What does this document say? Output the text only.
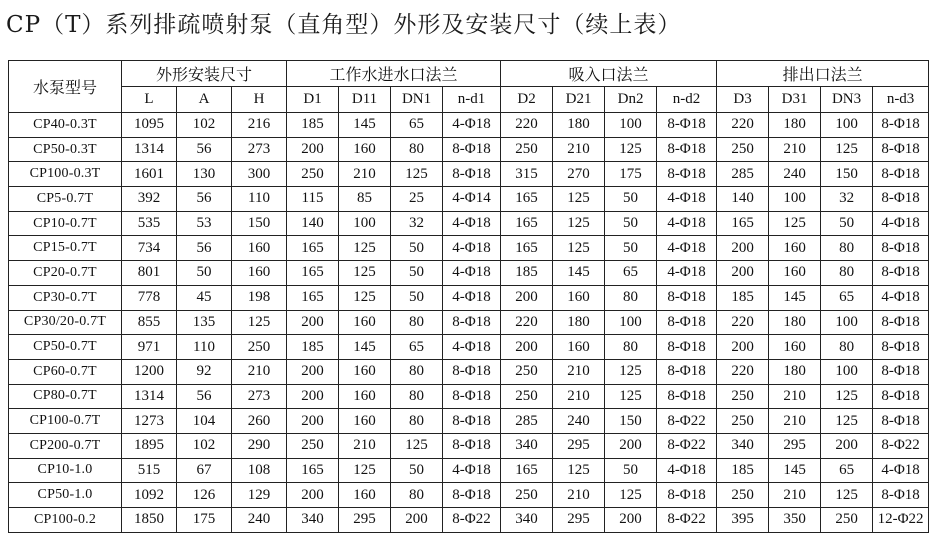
CP（T）系列排疏喷射泵（直角型）外形及安装尺寸（续上表）
水泵型号	外形安装尺寸			工作水进水口法兰				吸入口法兰				排出口法兰			
	L	A	H	D1	D11	DN1	n-d1	D2	D21	Dn2	n-d2	D3	D31	DN3	n-d3
CP40-0.3T	1095	102	216	185	145	65	4-Φ18	220	180	100	8-Φ18	220	180	100	8-Φ18
CP50-0.3T	1314	56	273	200	160	80	8-Φ18	250	210	125	8-Φ18	250	210	125	8-Φ18
CP100-0.3T	1601	130	300	250	210	125	8-Φ18	315	270	175	8-Φ18	285	240	150	8-Φ18
CP5-0.7T	392	56	110	115	85	25	4-Φ14	165	125	50	4-Φ18	140	100	32	8-Φ18
CP10-0.7T	535	53	150	140	100	32	4-Φ18	165	125	50	4-Φ18	165	125	50	4-Φ18
CP15-0.7T	734	56	160	165	125	50	4-Φ18	165	125	50	4-Φ18	200	160	80	8-Φ18
CP20-0.7T	801	50	160	165	125	50	4-Φ18	185	145	65	4-Φ18	200	160	80	8-Φ18
CP30-0.7T	778	45	198	165	125	50	4-Φ18	200	160	80	8-Φ18	185	145	65	4-Φ18
CP30/20-0.7T	855	135	125	200	160	80	8-Φ18	220	180	100	8-Φ18	220	180	100	8-Φ18
CP50-0.7T	971	110	250	185	145	65	4-Φ18	200	160	80	8-Φ18	200	160	80	8-Φ18
CP60-0.7T	1200	92	210	200	160	80	8-Φ18	250	210	125	8-Φ18	220	180	100	8-Φ18
CP80-0.7T	1314	56	273	200	160	80	8-Φ18	250	210	125	8-Φ18	250	210	125	8-Φ18
CP100-0.7T	1273	104	260	200	160	80	8-Φ18	285	240	150	8-Φ22	250	210	125	8-Φ18
CP200-0.7T	1895	102	290	250	210	125	8-Φ18	340	295	200	8-Φ22	340	295	200	8-Φ22
CP10-1.0	515	67	108	165	125	50	4-Φ18	165	125	50	4-Φ18	185	145	65	4-Φ18
CP50-1.0	1092	126	129	200	160	80	8-Φ18	250	210	125	8-Φ18	250	210	125	8-Φ18
CP100-0.2	1850	175	240	340	295	200	8-Φ22	340	295	200	8-Φ22	395	350	250	12-Φ22
